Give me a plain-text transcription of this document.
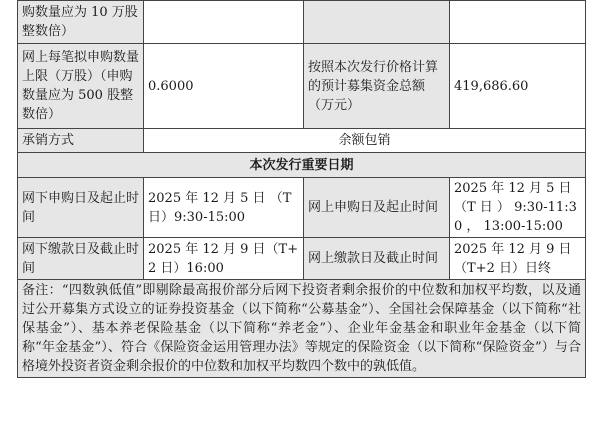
购数量应为 10 万股整数倍）			
网上每笔拟申购数量上限（万股）（申购数量应为 500 股整数倍）	0.6000	按照本次发行价格计算的预计募集资金总额（万元）	419,686.60
承销方式	余额包销		
本次发行重要日期			
网下申购日及起止时间	2025 年 12 月 5 日 （T 日）9:30-15:00	网上申购日及起止时间	2025 年 12 月 5 日（T 日 ） 9:30-11:30 ， 13:00-15:00
网下缴款日及截止时间	2025 年 12 月 9 日（T+2 日）16:00	网上缴款日及截止时间	2025 年 12 月 9 日 （T+2 日）日终
备注：“四数孰低值”即剔除最高报价部分后网下投资者剩余报价的中位数和加权平均数，以及通过公开募集方式设立的证券投资基金（以下简称“公募基金”）、全国社会保障基金（以下简称“社保基金”）、基本养老保险基金（以下简称“养老金”）、企业年金基金和职业年金基金（以下简称“年金基金”）、符合《保险资金运用管理办法》等规定的保险资金（以下简称“保险资金”）与合格境外投资者资金剩余报价的中位数和加权平均数四个数中的孰低值。			
